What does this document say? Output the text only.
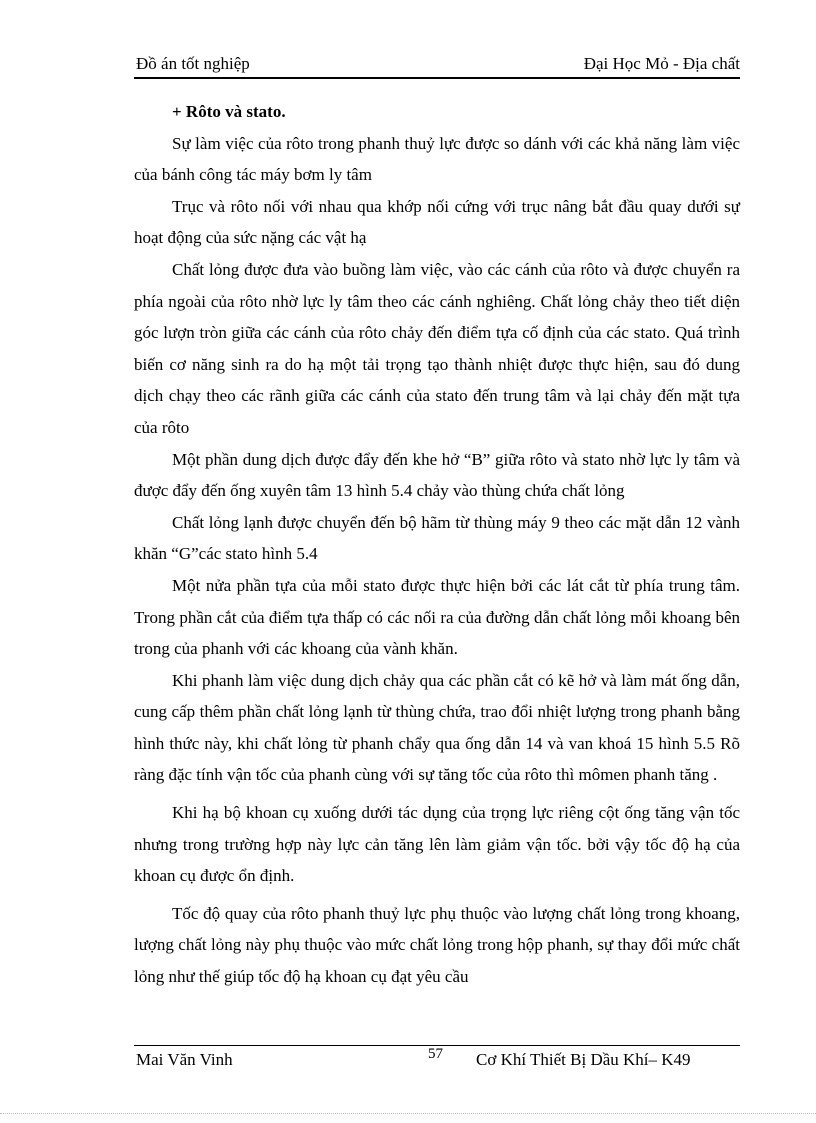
Đồ án tốt nghiệp	Đại Học Mỏ - Địa chất

+ Rôto và stato.

Sự làm việc của rôto trong phanh thuỷ lực được so dánh với các khả năng làm việc của bánh công tác máy bơm ly tâm

Trục và rôto nối với nhau qua khớp nối cứng với trục nâng bắt đầu quay dưới sự hoạt động của sức nặng các vật hạ

Chất lỏng được đưa vào buồng làm việc, vào các cánh của rôto và được chuyển ra phía ngoài của rôto nhờ lực ly tâm theo các cánh nghiêng. Chất lỏng chảy theo tiết diện góc lượn tròn giữa các cánh của rôto chảy đến điểm tựa cố định của các stato. Quá trình biến cơ năng sinh ra do hạ một tải trọng tạo thành nhiệt được thực hiện, sau đó dung dịch chạy theo các rãnh giữa các cánh của stato đến trung tâm và lại chảy đến mặt tựa của rôto

Một phần dung dịch được đẩy đến khe hở “B” giữa rôto và stato nhờ lực ly tâm và được đẩy đến ống xuyên tâm 13 hình 5.4 chảy vào thùng chứa chất lỏng

Chất lỏng lạnh được chuyển đến bộ hãm từ thùng máy 9 theo các mặt dẫn 12 vành khăn “G”các stato hình 5.4

Một nửa phần tựa của mỗi stato được thực hiện bởi các lát cắt từ phía trung tâm. Trong phần cắt của điểm tựa thấp có các nối ra của đường dẫn chất lỏng mỗi khoang bên trong của phanh với các khoang của vành khăn.

Khi phanh làm việc dung dịch chảy qua các phần cắt có kẽ hở và làm mát ống dẫn, cung cấp thêm phần chất lỏng lạnh từ thùng chứa, trao đổi nhiệt lượng trong phanh bằng hình thức này, khi chất lỏng từ phanh chẩy qua ống dẫn 14 và van khoá 15 hình 5.5 Rõ ràng đặc tính vận tốc của phanh cùng với sự tăng tốc của rôto thì mômen phanh tăng .

Khi hạ bộ khoan cụ xuống dưới tác dụng của trọng lực riêng cột ống tăng vận tốc nhưng trong trường hợp này lực cản tăng lên làm giảm vận tốc. bởi vậy tốc độ hạ của khoan cụ được ổn định.

Tốc độ quay của rôto phanh thuỷ lực phụ thuộc vào lượng chất lỏng trong khoang, lượng chất lỏng này phụ thuộc vào mức chất lỏng trong hộp phanh, sự thay đổi mức chất lỏng như thế giúp tốc độ hạ khoan cụ đạt yêu cầu

Mai Văn Vinh	57 Cơ Khí Thiết Bị Dầu Khí– K49
